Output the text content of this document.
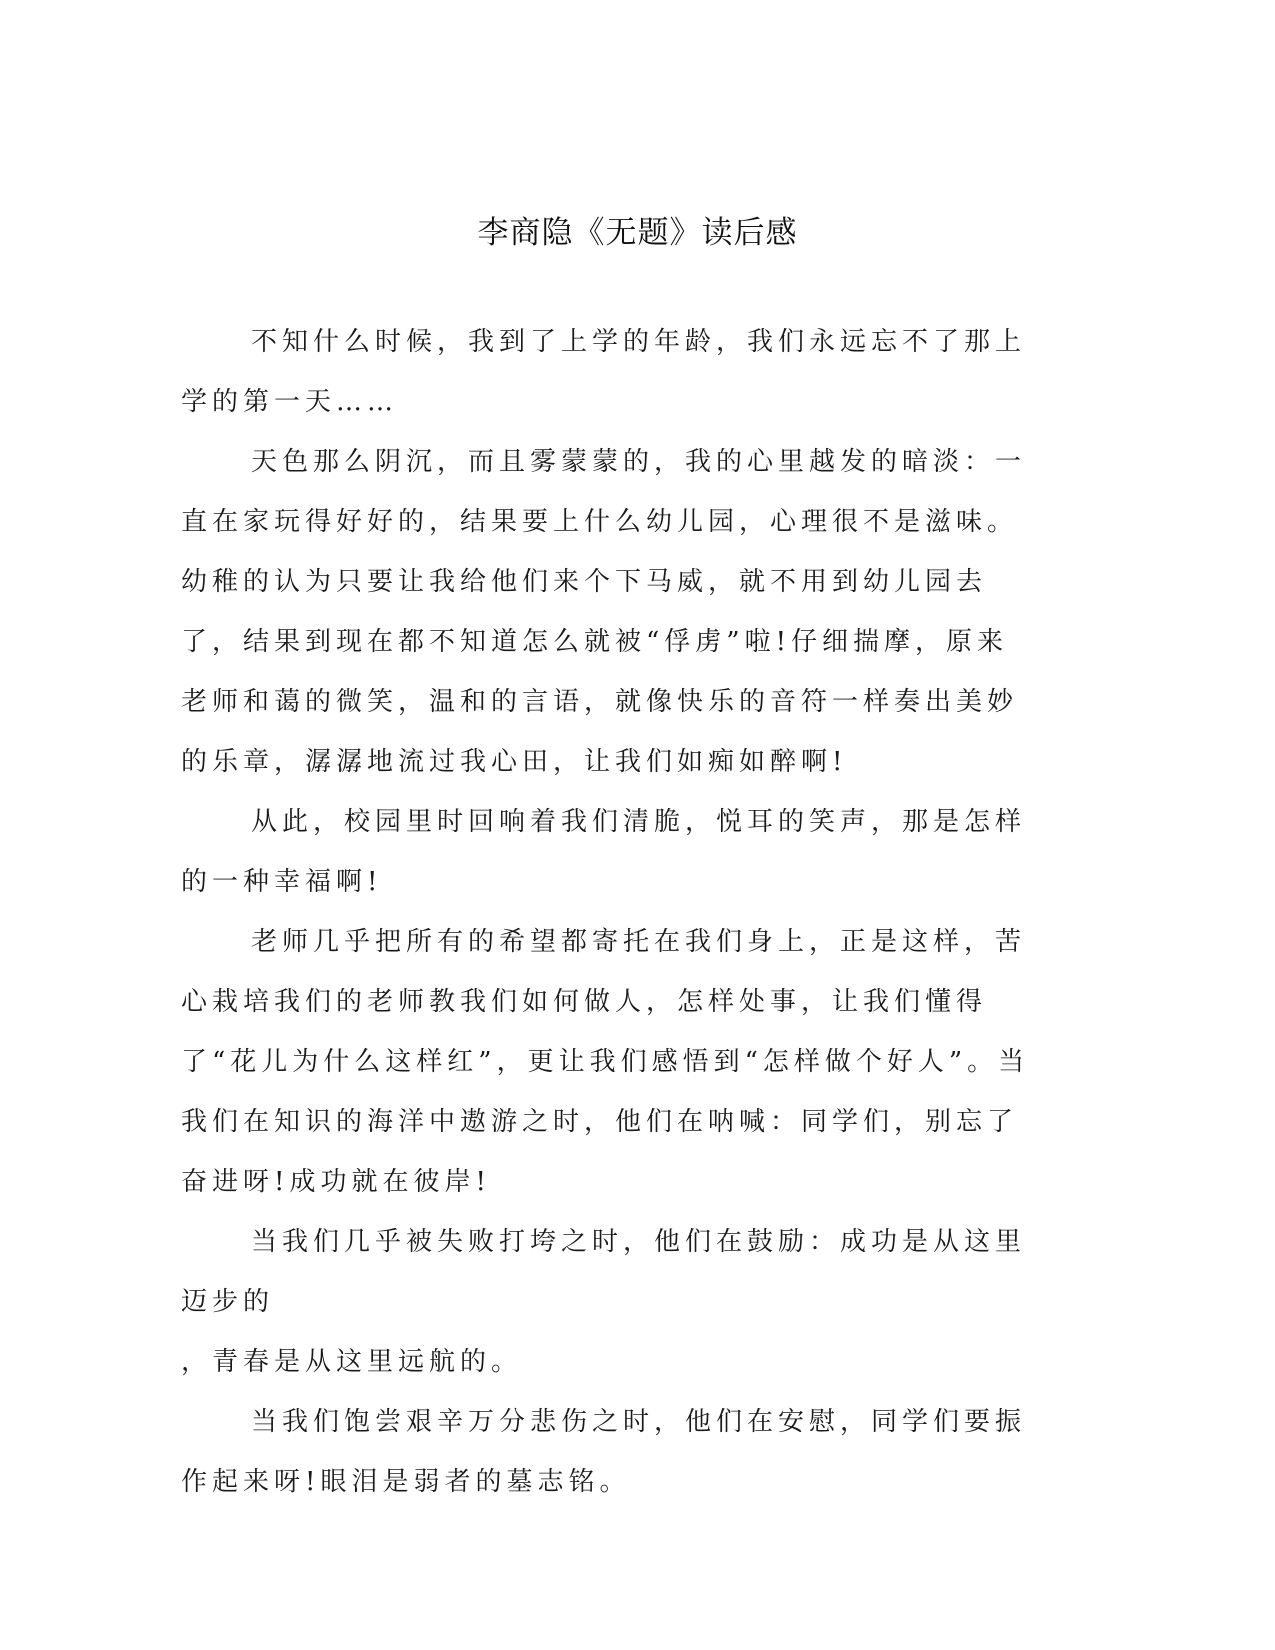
李商隐《无题》读后感

不知什么时候，我到了上学的年龄，我们永远忘不了那上学的第一天……

天色那么阴沉，而且雾蒙蒙的，我的心里越发的暗淡：一直在家玩得好好的，结果要上什么幼儿园，心理很不是滋味。幼稚的认为只要让我给他们来个下马威，就不用到幼儿园去了，结果到现在都不知道怎么就被“俘虏”啦!仔细揣摩，原来老师和蔼的微笑，温和的言语，就像快乐的音符一样奏出美妙的乐章，潺潺地流过我心田，让我们如痴如醉啊!

从此，校园里时回响着我们清脆，悦耳的笑声，那是怎样的一种幸福啊!

老师几乎把所有的希望都寄托在我们身上，正是这样，苦心栽培我们的老师教我们如何做人，怎样处事，让我们懂得了“花儿为什么这样红”，更让我们感悟到“怎样做个好人”。当我们在知识的海洋中遨游之时，他们在呐喊：同学们，别忘了奋进呀!成功就在彼岸!

当我们几乎被失败打垮之时，他们在鼓励：成功是从这里迈步的

，青春是从这里远航的。

当我们饱尝艰辛万分悲伤之时，他们在安慰，同学们要振作起来呀!眼泪是弱者的墓志铭。
